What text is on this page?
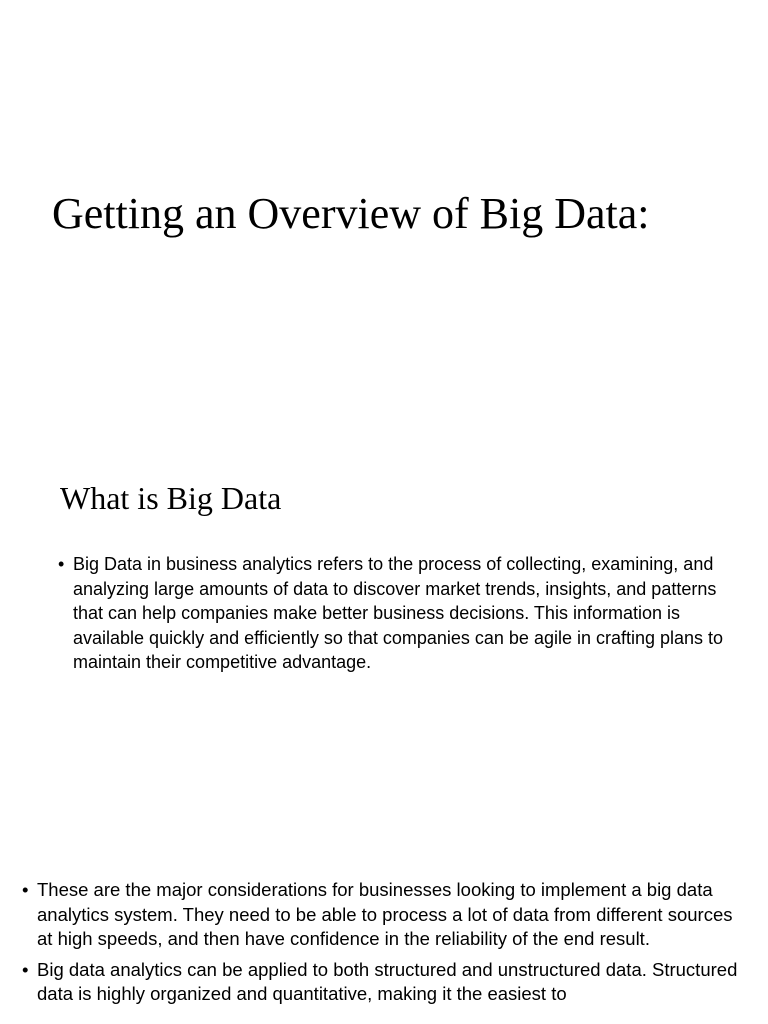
Getting an Overview of Big Data:
What is Big Data
• Big Data in business analytics refers to the process of collecting, examining, and analyzing large amounts of data to discover market trends, insights, and patterns that can help companies make better business decisions. This information is available quickly and efficiently so that companies can be agile in crafting plans to maintain their competitive advantage.
• These are the major considerations for businesses looking to implement a big data analytics system. They need to be able to process a lot of data from different sources at high speeds, and then have confidence in the reliability of the end result.
• Big data analytics can be applied to both structured and unstructured data. Structured data is highly organized and quantitative, making it the easiest to
